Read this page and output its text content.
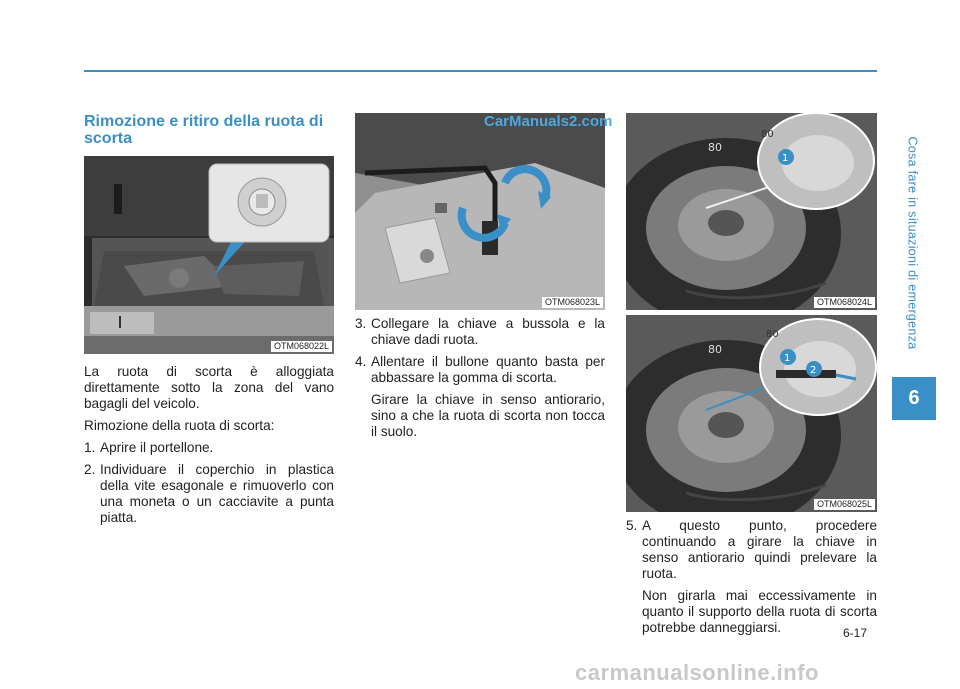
Rimozione e ritiro della ruota di scorta
OTM068022L
OTM068023L
80
1
80
OTM068024L
80
1
2
80
OTM068025L

La ruota di scorta è alloggiata direttamente sotto la zona del vano bagagli del veicolo.

Rimozione della ruota di scorta:

1. Aprire il portellone.
2. Individuare il coperchio in plastica della vite esagonale e rimuoverlo con una moneta o un cacciavite a punta piatta.
3. Collegare la chiave a bussola e la chiave dadi ruota.
4. Allentare il bullone quanto basta per abbassare la gomma di scorta.

Girare la chiave in senso antiorario, sino a che la ruota di scorta non tocca il suolo.

5. A questo punto, procedere continuando a girare la chiave in senso antiorario quindi prelevare la ruota.

Non girarla mai eccessivamente in quanto il supporto della ruota di scorta potrebbe danneggiarsi.

Cosa fare in situazioni di emergenza
6
6-17
CarManuals2.com
carmanualsonline.info
